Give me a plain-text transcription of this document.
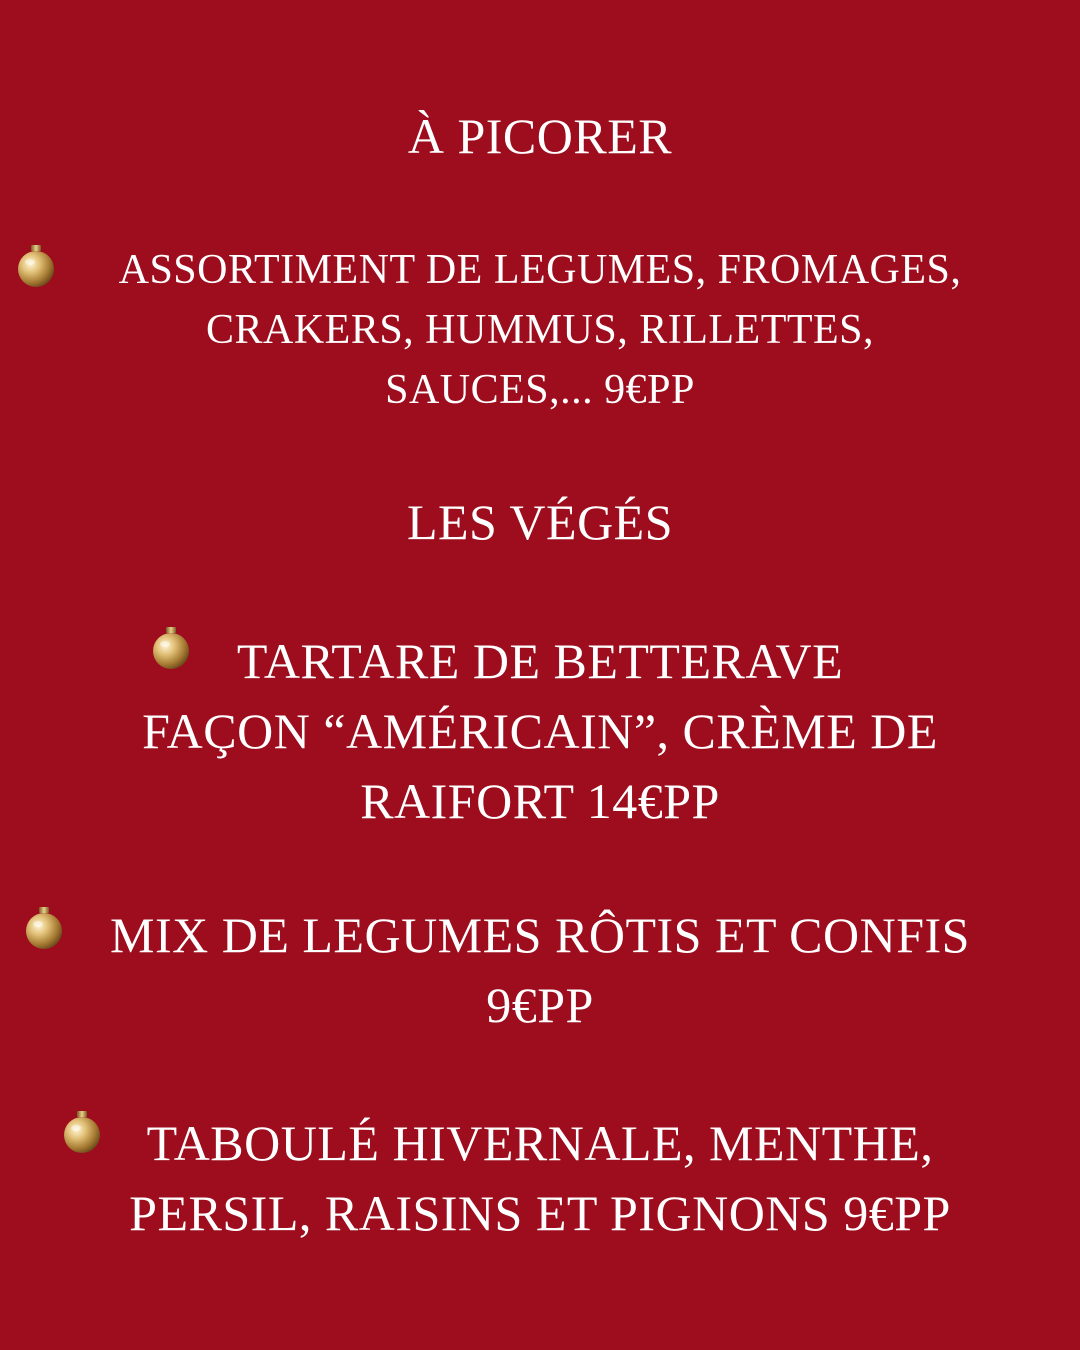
À PICORER
ASSORTIMENT DE LEGUMES, FROMAGES,
CRAKERS, HUMMUS, RILLETTES,
SAUCES,... 9€PP
LES VÉGÉS
TARTARE DE BETTERAVE
FAÇON “AMÉRICAIN”, CRÈME DE
RAIFORT 14€PP
MIX DE LEGUMES RÔTIS ET CONFIS
9€PP
TABOULÉ HIVERNALE, MENTHE,
PERSIL, RAISINS ET PIGNONS 9€PP
